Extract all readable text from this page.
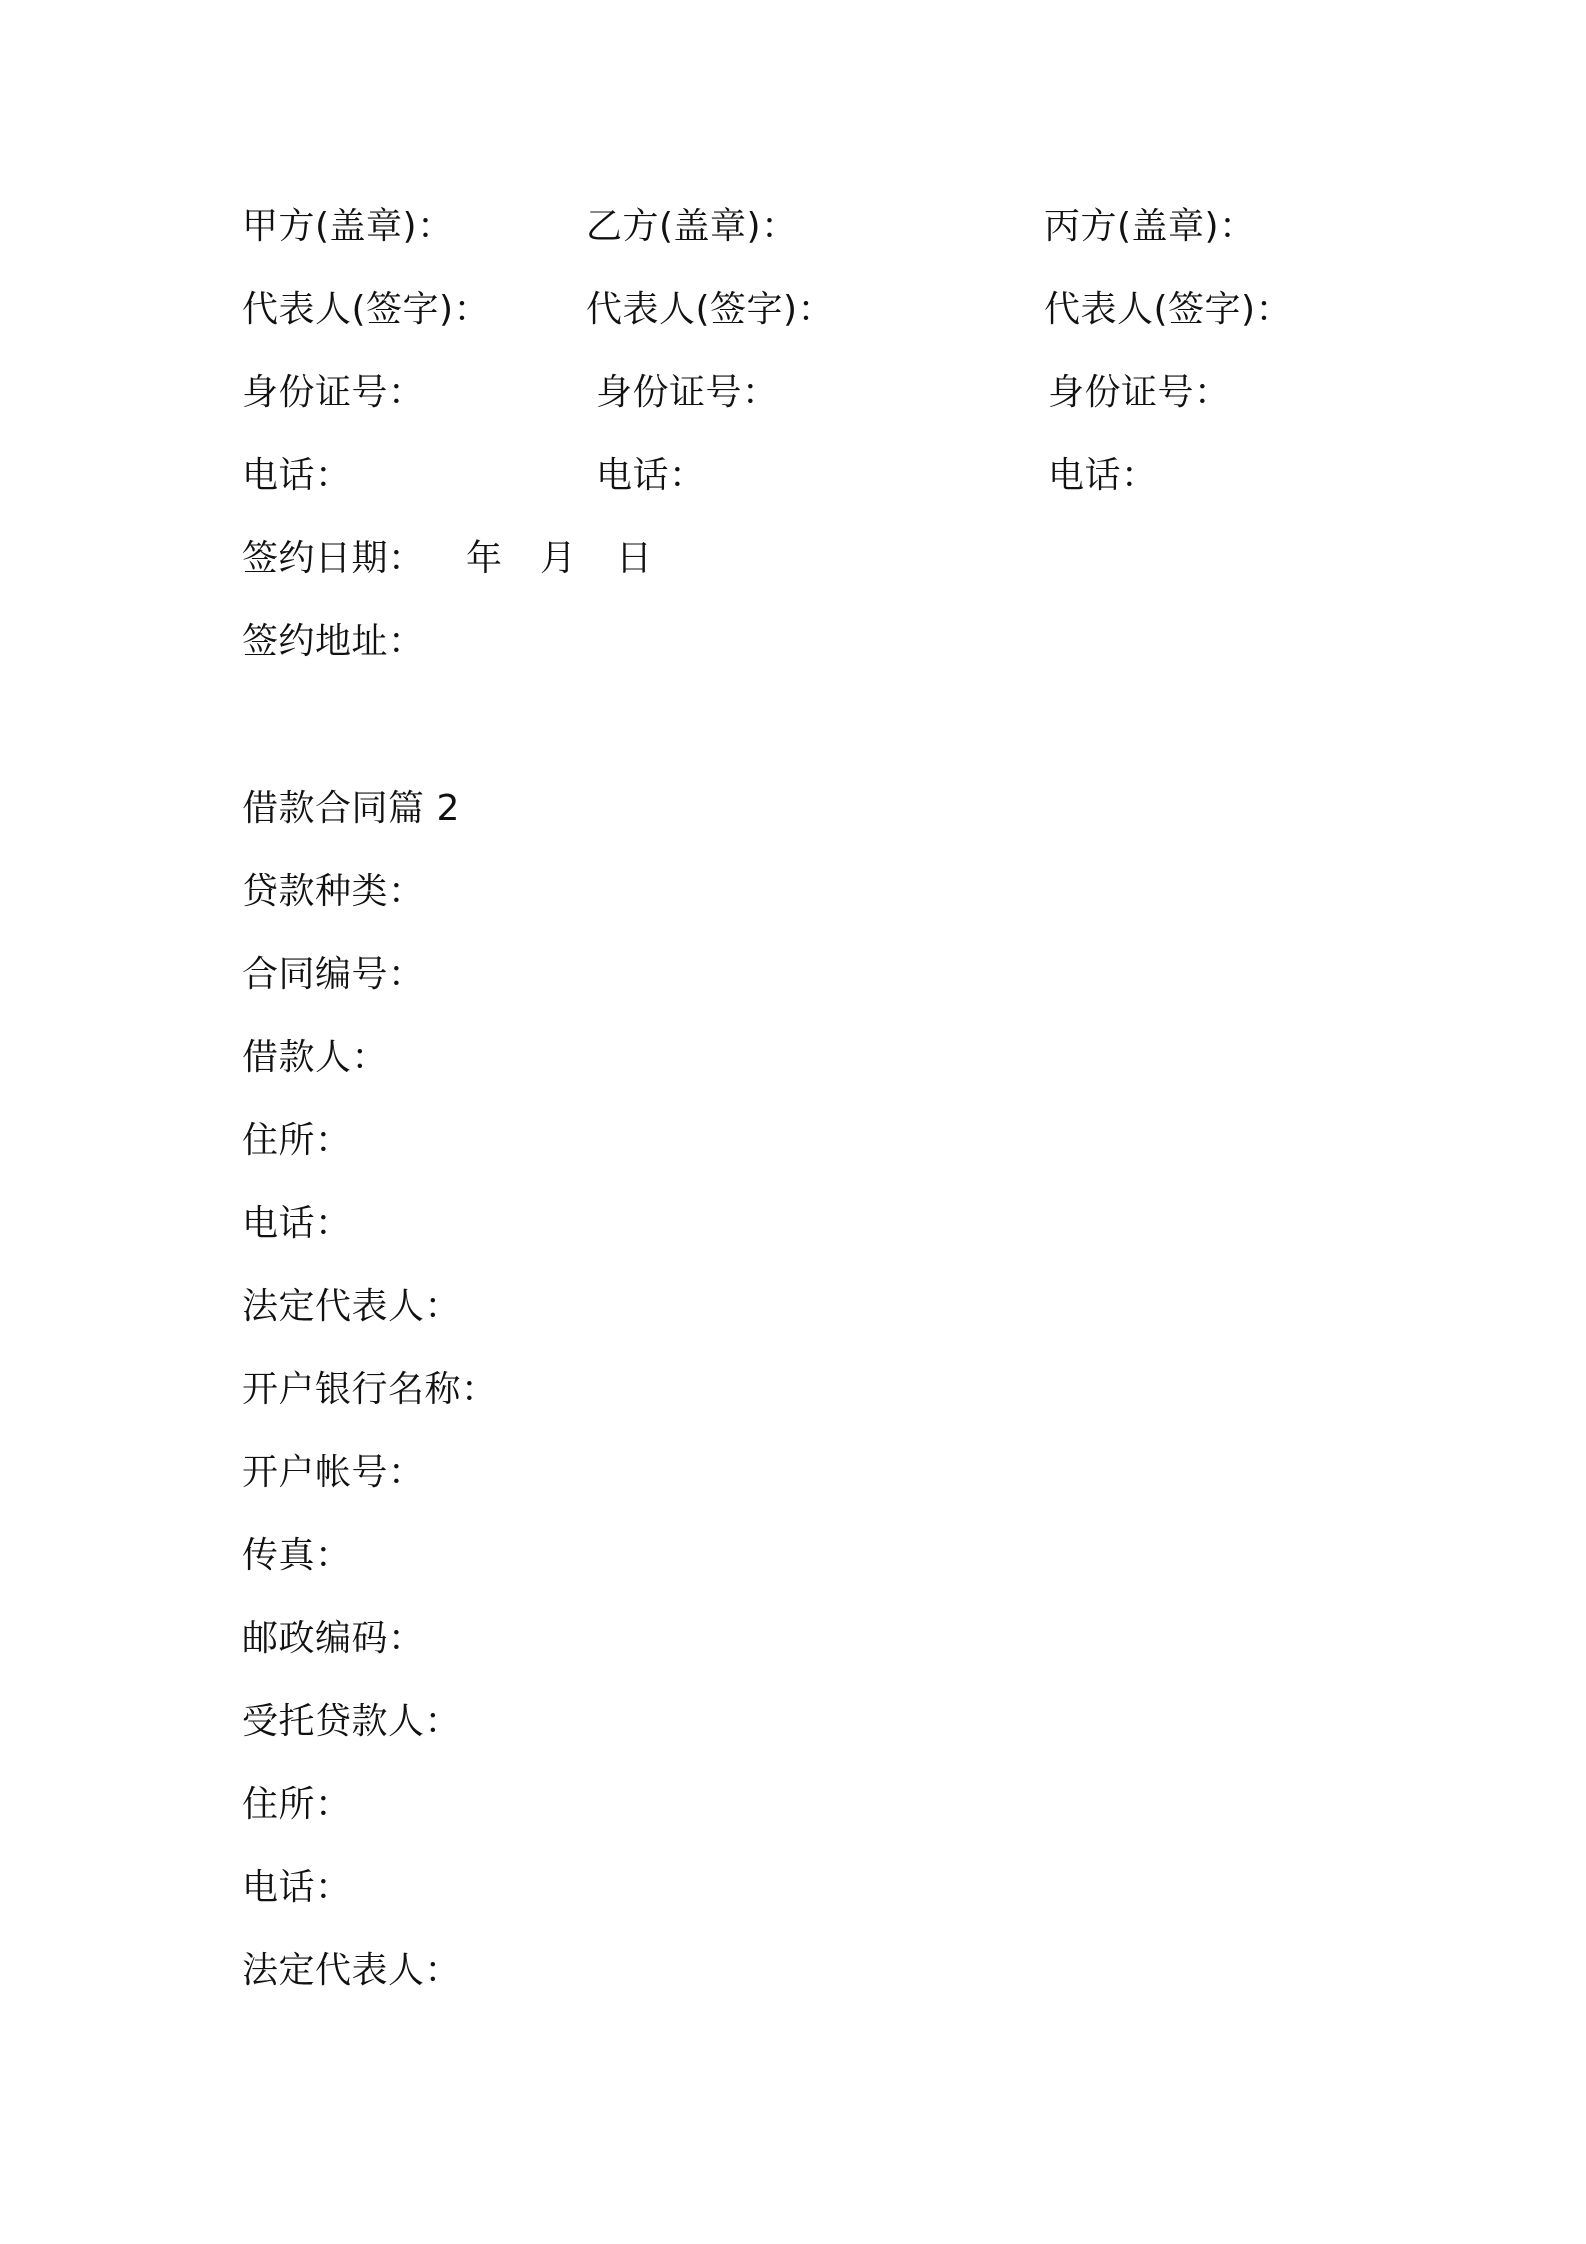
甲方(盖章)：	乙方(盖章)：	丙方(盖章)：
代表人(签字)：	代表人(签字)：	代表人(签字)：
身份证号：	身份证号：	身份证号：
电话：	电话：	电话：
签约日期： 年 月 日
签约地址：
借款合同篇 2
贷款种类：
合同编号：
借款人：
住所：
电话：
法定代表人：
开户银行名称：
开户帐号：
传真：
邮政编码：
受托贷款人：
住所：
电话：
法定代表人：
